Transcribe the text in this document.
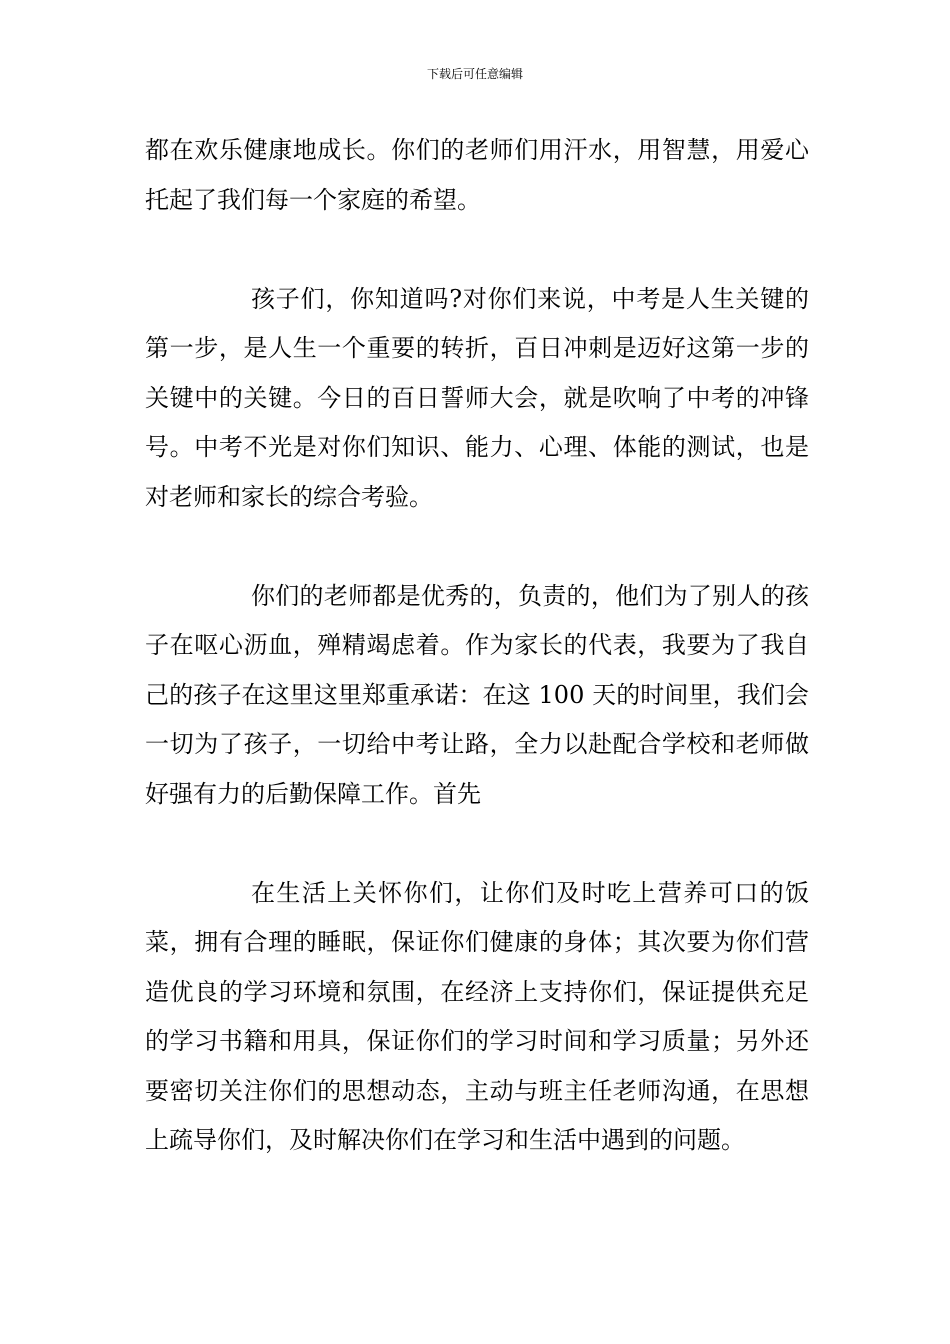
下载后可任意编辑

都在欢乐健康地成长。你们的老师们用汗水，用智慧，用爱心托起了我们每一个家庭的希望。

孩子们，你知道吗?对你们来说，中考是人生关键的第一步，是人生一个重要的转折，百日冲刺是迈好这第一步的关键中的关键。今日的百日誓师大会，就是吹响了中考的冲锋号。中考不光是对你们知识、能力、心理、体能的测试，也是对老师和家长的综合考验。

你们的老师都是优秀的，负责的，他们为了别人的孩子在呕心沥血，殚精竭虑着。作为家长的代表，我要为了我自己的孩子在这里这里郑重承诺：在这 100 天的时间里，我们会一切为了孩子，一切给中考让路，全力以赴配合学校和老师做好强有力的后勤保障工作。首先

在生活上关怀你们，让你们及时吃上营养可口的饭菜，拥有合理的睡眠，保证你们健康的身体；其次要为你们营造优良的学习环境和氛围，在经济上支持你们，保证提供充足的学习书籍和用具，保证你们的学习时间和学习质量；另外还要密切关注你们的思想动态，主动与班主任老师沟通，在思想上疏导你们，及时解决你们在学习和生活中遇到的问题。
